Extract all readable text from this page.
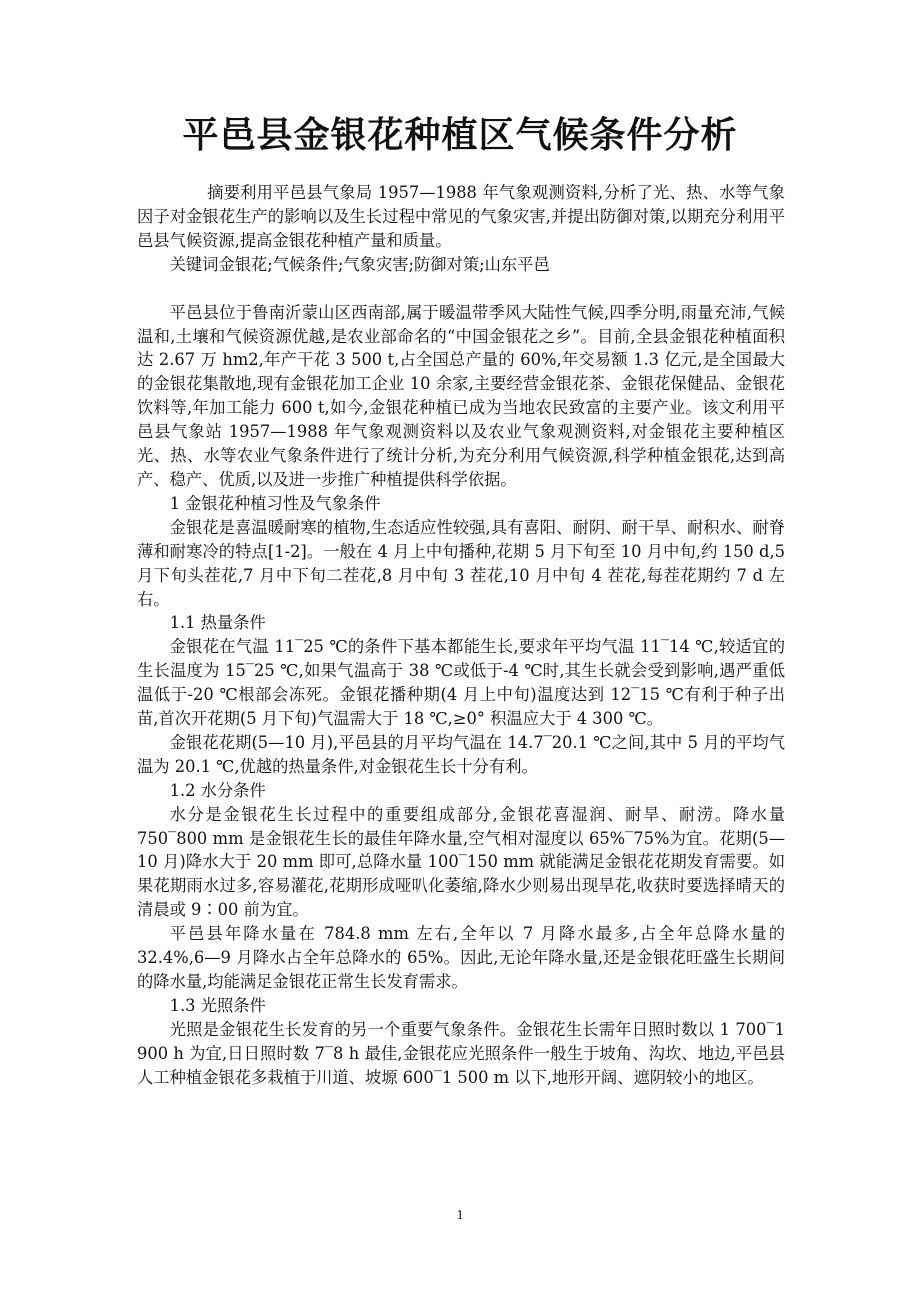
平邑县金银花种植区气候条件分析

摘要利用平邑县气象局 1957—1988 年气象观测资料,分析了光、热、水等气象因子对金银花生产的影响以及生长过程中常见的气象灾害,并提出防御对策,以期充分利用平邑县气候资源,提高金银花种植产量和质量。

关键词金银花;气候条件;气象灾害;防御对策;山东平邑

平邑县位于鲁南沂蒙山区西南部,属于暖温带季风大陆性气候,四季分明,雨量充沛,气候温和,土壤和气候资源优越,是农业部命名的“中国金银花之乡”。目前,全县金银花种植面积达 2.67 万 hm2,年产干花 3 500 t,占全国总产量的 60%,年交易额 1.3 亿元,是全国最大的金银花集散地,现有金银花加工企业 10 余家,主要经营金银花茶、金银花保健品、金银花饮料等,年加工能力 600 t,如今,金银花种植已成为当地农民致富的主要产业。该文利用平邑县气象站 1957—1988 年气象观测资料以及农业气象观测资料,对金银花主要种植区光、热、水等农业气象条件进行了统计分析,为充分利用气候资源,科学种植金银花,达到高产、稳产、优质,以及进一步推广种植提供科学依据。

1 金银花种植习性及气象条件

金银花是喜温暖耐寒的植物,生态适应性较强,具有喜阳、耐阴、耐干旱、耐积水、耐脊薄和耐寒冷的特点[1-2]。一般在 4 月上中旬播种,花期 5 月下旬至 10 月中旬,约 150 d,5 月下旬头茬花,7 月中下旬二茬花,8 月中旬 3 茬花,10 月中旬 4 茬花,每茬花期约 7 d 左右。

1.1 热量条件

金银花在气温 11‾25 ℃的条件下基本都能生长,要求年平均气温 11‾14 ℃,较适宜的生长温度为 15‾25 ℃,如果气温高于 38 ℃或低于-4 ℃时,其生长就会受到影响,遇严重低温低于-20 ℃根部会冻死。金银花播种期(4 月上中旬)温度达到 12‾15 ℃有利于种子出苗,首次开花期(5 月下旬)气温需大于 18 ℃,≥0° 积温应大于 4 300 ℃。

金银花花期(5—10 月),平邑县的月平均气温在 14.7‾20.1 ℃之间,其中 5 月的平均气温为 20.1 ℃,优越的热量条件,对金银花生长十分有利。

1.2 水分条件

水分是金银花生长过程中的重要组成部分,金银花喜湿润、耐旱、耐涝。降水量 750‾800 mm 是金银花生长的最佳年降水量,空气相对湿度以 65%‾75%为宜。花期(5—10 月)降水大于 20 mm 即可,总降水量 100‾150 mm 就能满足金银花花期发育需要。如果花期雨水过多,容易灌花,花期形成哑叭化萎缩,降水少则易出现旱花,收获时要选择晴天的清晨或 9∶00 前为宜。

平邑县年降水量在 784.8 mm 左右,全年以 7 月降水最多,占全年总降水量的 32.4%,6—9 月降水占全年总降水的 65%。因此,无论年降水量,还是金银花旺盛生长期间的降水量,均能满足金银花正常生长发育需求。

1.3 光照条件

光照是金银花生长发育的另一个重要气象条件。金银花生长需年日照时数以 1 700‾1 900 h 为宜,日日照时数 7‾8 h 最佳,金银花应光照条件一般生于坡角、沟坎、地边,平邑县人工种植金银花多栽植于川道、坡塬 600‾1 500 m 以下,地形开阔、遮阴较小的地区。

1
